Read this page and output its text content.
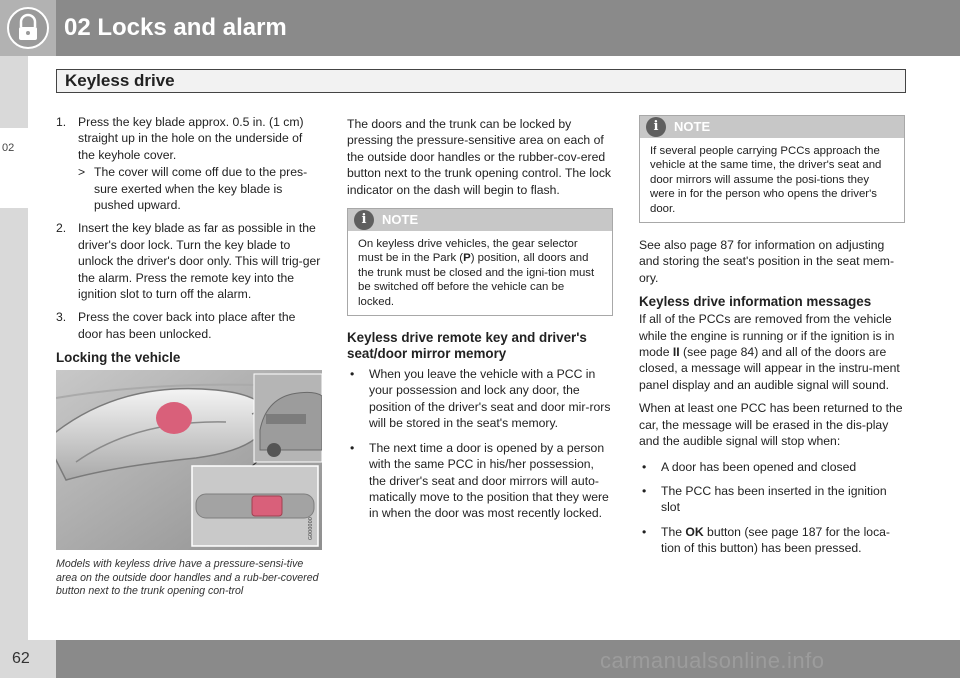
02 Locks and alarm
02
Keyless drive
1. Press the key blade approx. 0.5 in. (1 cm) straight up in the hole on the underside of the keyhole cover.
> The cover will come off due to the pres-sure exerted when the key blade is pushed upward.
2. Insert the key blade as far as possible in the driver's door lock. Turn the key blade to unlock the driver's door only. This will trig-ger the alarm. Press the remote key into the ignition slot to turn off the alarm.
3. Press the cover back into place after the door has been unlocked.
Locking the vehicle
G000000
Models with keyless drive have a pressure-sensi-tive area on the outside door handles and a rub-ber-covered button next to the trunk opening con-trol

The doors and the trunk can be locked by pressing the pressure-sensitive area on each of the outside door handles or the rubber-cov-ered button next to the trunk opening control. The lock indicator on the dash will begin to flash.

i	NOTE
On keyless drive vehicles, the gear selector must be in the Park (P) position, all doors and the trunk must be closed and the igni-tion must be switched off before the vehicle can be locked.
Keyless drive remote key and driver's seat/door mirror memory
• When you leave the vehicle with a PCC in your possession and lock any door, the position of the driver's seat and door mir-rors will be stored in the seat's memory.
• The next time a door is opened by a person with the same PCC in his/her possession, the driver's seat and door mirrors will auto-matically move to the position that they were in when the door was most recently locked.
i	NOTE
If several people carrying PCCs approach the vehicle at the same time, the driver's seat and door mirrors will assume the posi-tions they were in for the person who opens the driver's door.

See also page 87 for information on adjusting and storing the seat's position in the seat mem-ory.

Keyless drive information messages

If all of the PCCs are removed from the vehicle while the engine is running or if the ignition is in mode II (see page 84) and all of the doors are closed, a message will appear in the instru-ment panel display and an audible signal will sound.

When at least one PCC has been returned to the car, the message will be erased in the dis-play and the audible signal will stop when:

• A door has been opened and closed
• The PCC has been inserted in the ignition slot
• The OK button (see page 187 for the loca-tion of this button) has been pressed.
62	carmanualsonline.info
